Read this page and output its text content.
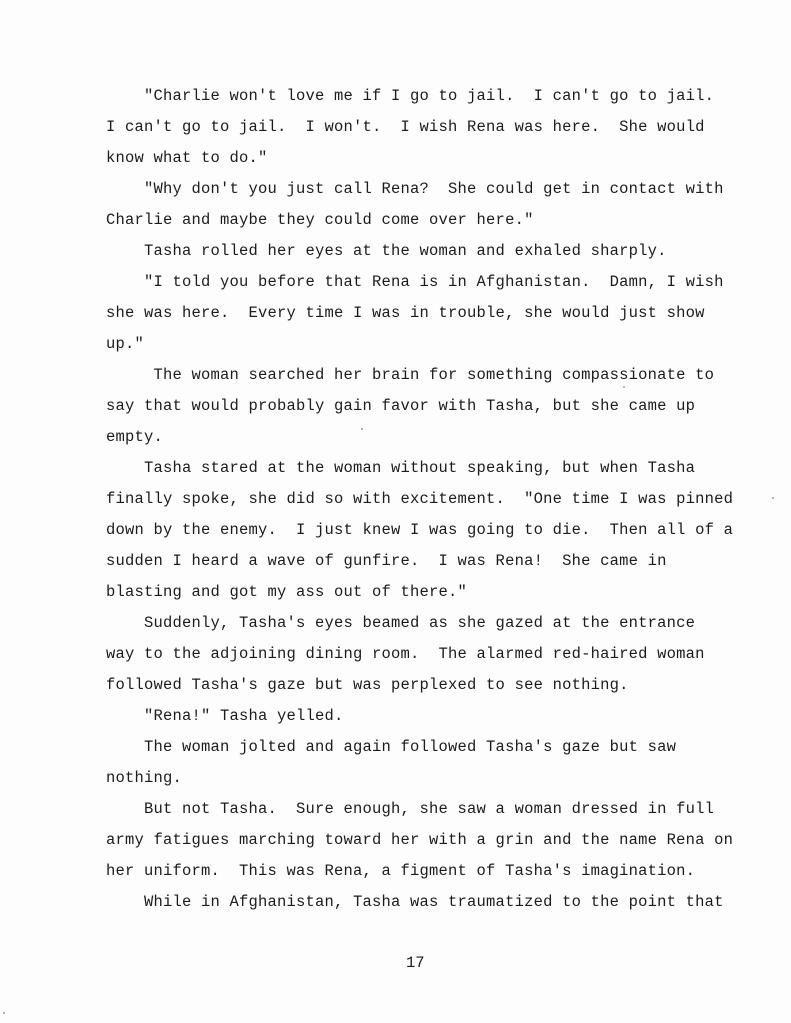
"Charlie won't love me if I go to jail.  I can't go to jail.

I can't go to jail.  I won't.  I wish Rena was here.  She would

know what to do."

"Why don't you just call Rena?  She could get in contact with

Charlie and maybe they could come over here."

Tasha rolled her eyes at the woman and exhaled sharply.

"I told you before that Rena is in Afghanistan.  Damn, I wish

she was here.  Every time I was in trouble, she would just show

up."

The woman searched her brain for something compassionate to

say that would probably gain favor with Tasha, but she came up

empty.

Tasha stared at the woman without speaking, but when Tasha

finally spoke, she did so with excitement.  "One time I was pinned

down by the enemy.  I just knew I was going to die.  Then all of a

sudden I heard a wave of gunfire.  I was Rena!  She came in

blasting and got my ass out of there."

Suddenly, Tasha's eyes beamed as she gazed at the entrance

way to the adjoining dining room.  The alarmed red-haired woman

followed Tasha's gaze but was perplexed to see nothing.

"Rena!" Tasha yelled.

The woman jolted and again followed Tasha's gaze but saw

nothing.

But not Tasha.  Sure enough, she saw a woman dressed in full

army fatigues marching toward her with a grin and the name Rena on

her uniform.  This was Rena, a figment of Tasha's imagination.

While in Afghanistan, Tasha was traumatized to the point that

17
